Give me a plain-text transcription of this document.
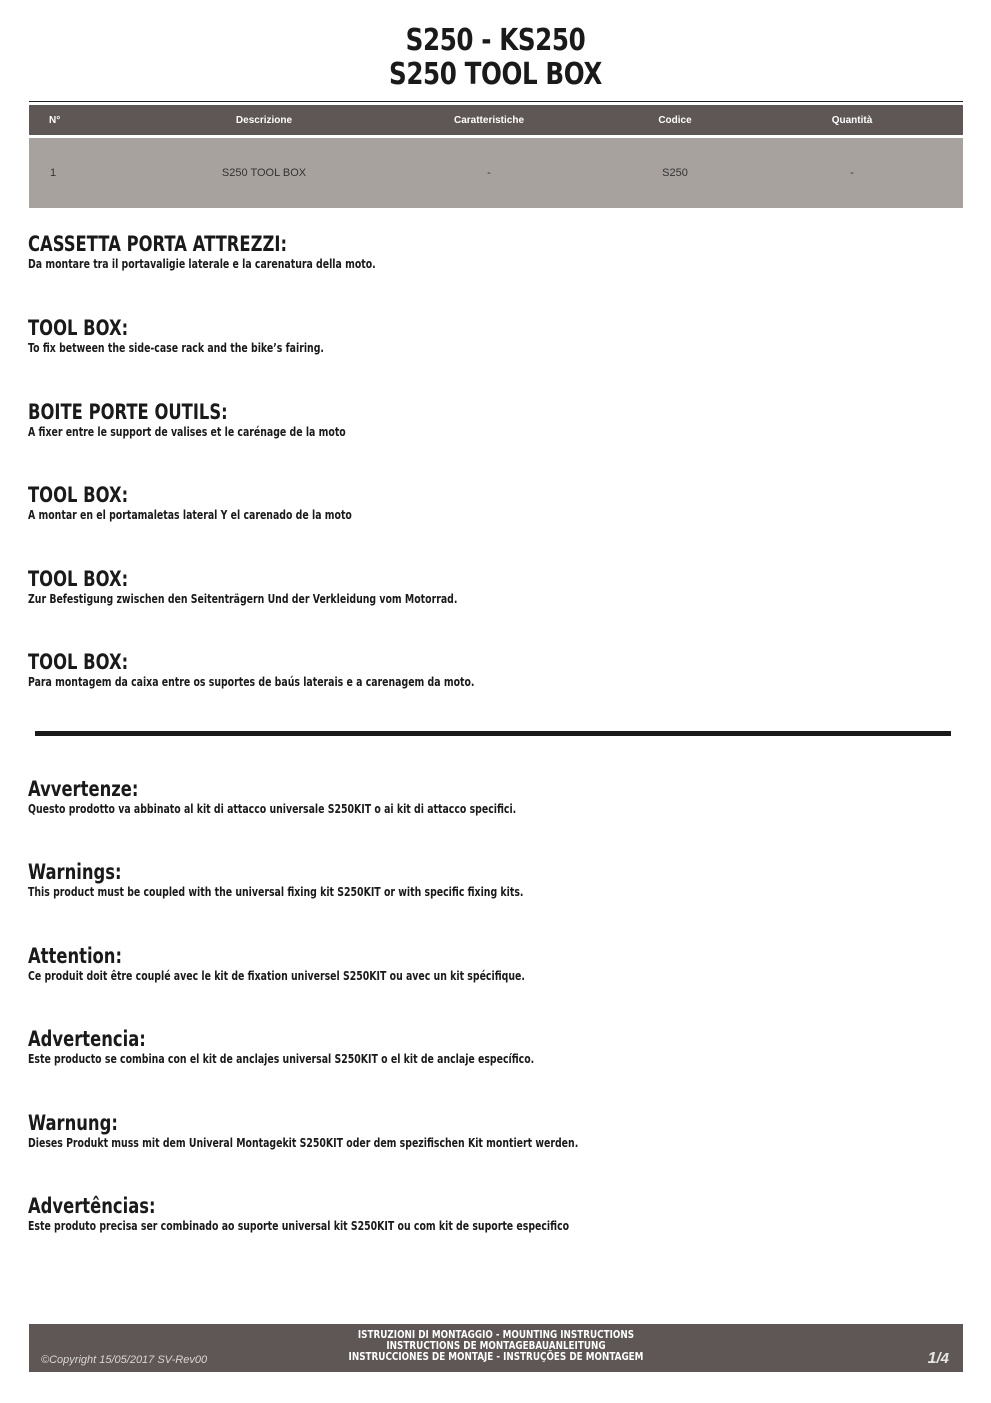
S250 - KS250
S250 TOOL BOX
N°	Descrizione	Caratteristiche	Codice	Quantità

1	S250 TOOL BOX	-	S250	-
CASSETTA PORTA ATTREZZI:
Da montare tra il portavaligie laterale e la carenatura della moto.
TOOL BOX:
To fix between the side-case rack and the bike’s fairing.
BOITE PORTE OUTILS:
A fixer entre le support de valises et le carénage de la moto
TOOL BOX:
A montar en el portamaletas lateral Y el carenado de la moto
TOOL BOX:
Zur Befestigung zwischen den Seitenträgern Und der Verkleidung vom Motorrad.
TOOL BOX:
Para montagem da caixa entre os suportes de baús laterais e a carenagem da moto.
Avvertenze:
Questo prodotto va abbinato al kit di attacco universale S250KIT o ai kit di attacco specifici.
Warnings:
This product must be coupled with the universal fixing kit S250KIT or with specific fixing kits.
Attention:
Ce produit doit être couplé avec le kit de fixation universel S250KIT ou avec un kit spécifique.
Advertencia:
Este producto se combina con el kit de anclajes universal S250KIT o el kit de anclaje específico.
Warnung:
Dieses Produkt muss mit dem Univeral Montagekit S250KIT oder dem spezifischen Kit montiert werden.
Advertências:
Este produto precisa ser combinado ao suporte universal kit S250KIT ou com kit de suporte especifico
©Copyright 15/05/2017 SV-Rev00
ISTRUZIONI DI MONTAGGIO - MOUNTING INSTRUCTIONS
INSTRUCTIONS DE MONTAGEBAUANLEITUNG
INSTRUCCIONES DE MONTAJE - INSTRUÇÕES DE MONTAGEM	1/4
